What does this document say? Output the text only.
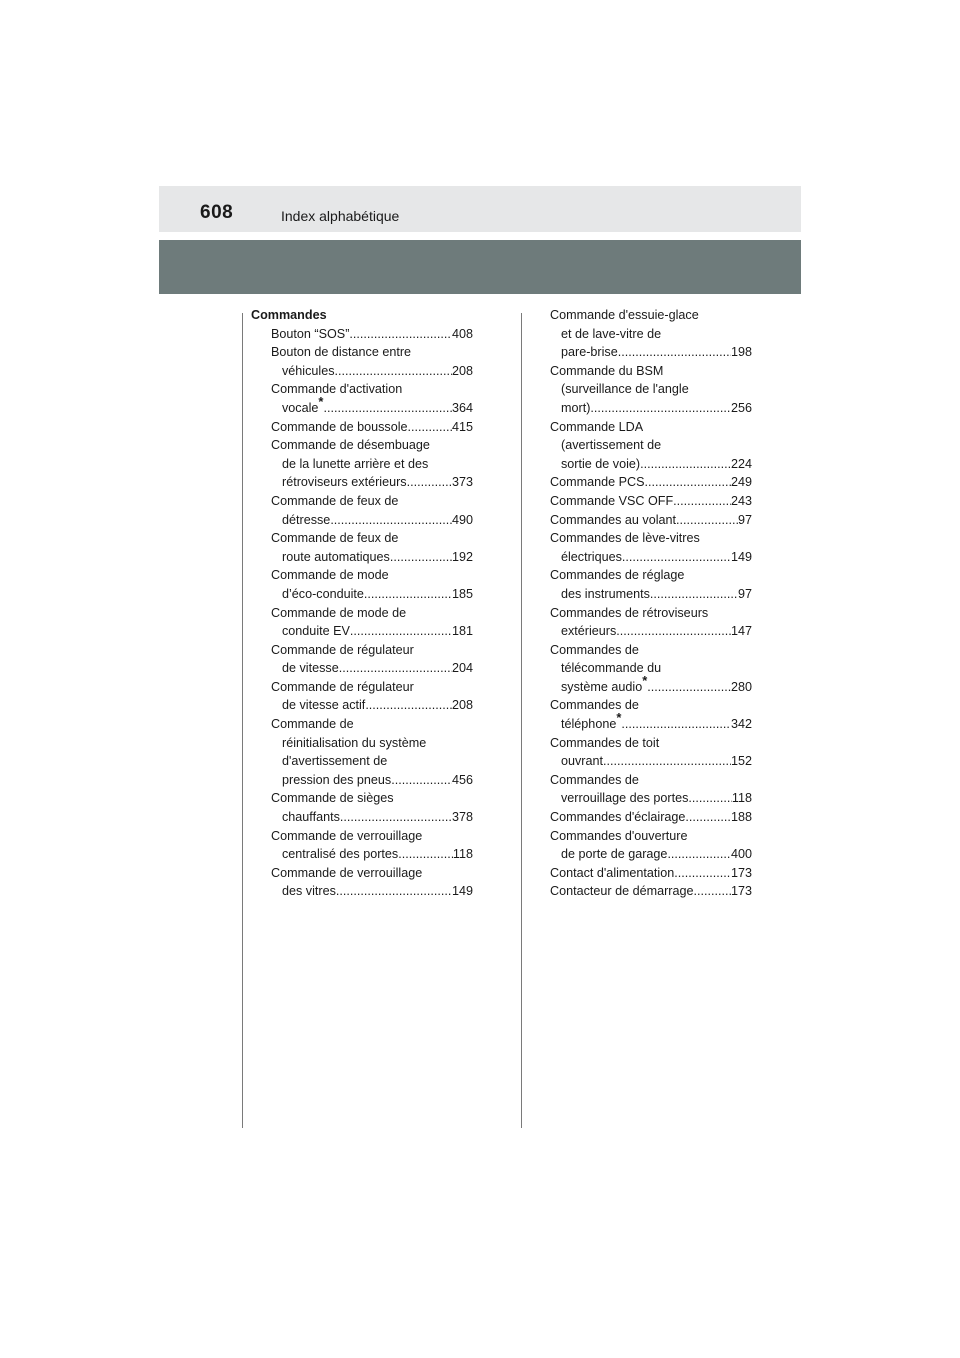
608	Index alphabétique
Commandes
Bouton “SOS” .....	408
Bouton de distance entre
véhicules .....	208
Commande d'activation
vocale* .....	364
Commande de boussole .....	415
Commande de désembuage
de la lunette arrière et des
rétroviseurs extérieurs .....	373
Commande de feux de
détresse .....	490
Commande de feux de
route automatiques .....	192
Commande de mode
d’éco-conduite .....	185
Commande de mode de
conduite EV .....	181
Commande de régulateur
de vitesse .....	204
Commande de régulateur
de vitesse actif .....	208
Commande de
réinitialisation du système
d'avertissement de
pression des pneus .....	456
Commande de sièges
chauffants .....	378
Commande de verrouillage
centralisé des portes .....	118
Commande de verrouillage
des vitres .....	149
Commande d'essuie-glace
et de lave-vitre de
pare-brise .....	198
Commande du BSM
(surveillance de l'angle
mort) .....	256
Commande LDA
(avertissement de
sortie de voie) .....	224
Commande PCS .....	249
Commande VSC OFF .....	243
Commandes au volant .....	97
Commandes de lève-vitres
électriques .....	149
Commandes de réglage
des instruments .....	97
Commandes de rétroviseurs
extérieurs .....	147
Commandes de
télécommande du
système audio* .....	280
Commandes de
téléphone* .....	342
Commandes de toit
ouvrant .....	152
Commandes de
verrouillage des portes .....	118
Commandes d'éclairage .....	188
Commandes d'ouverture
de porte de garage .....	400
Contact d'alimentation .....	173
Contacteur de démarrage .....	173
